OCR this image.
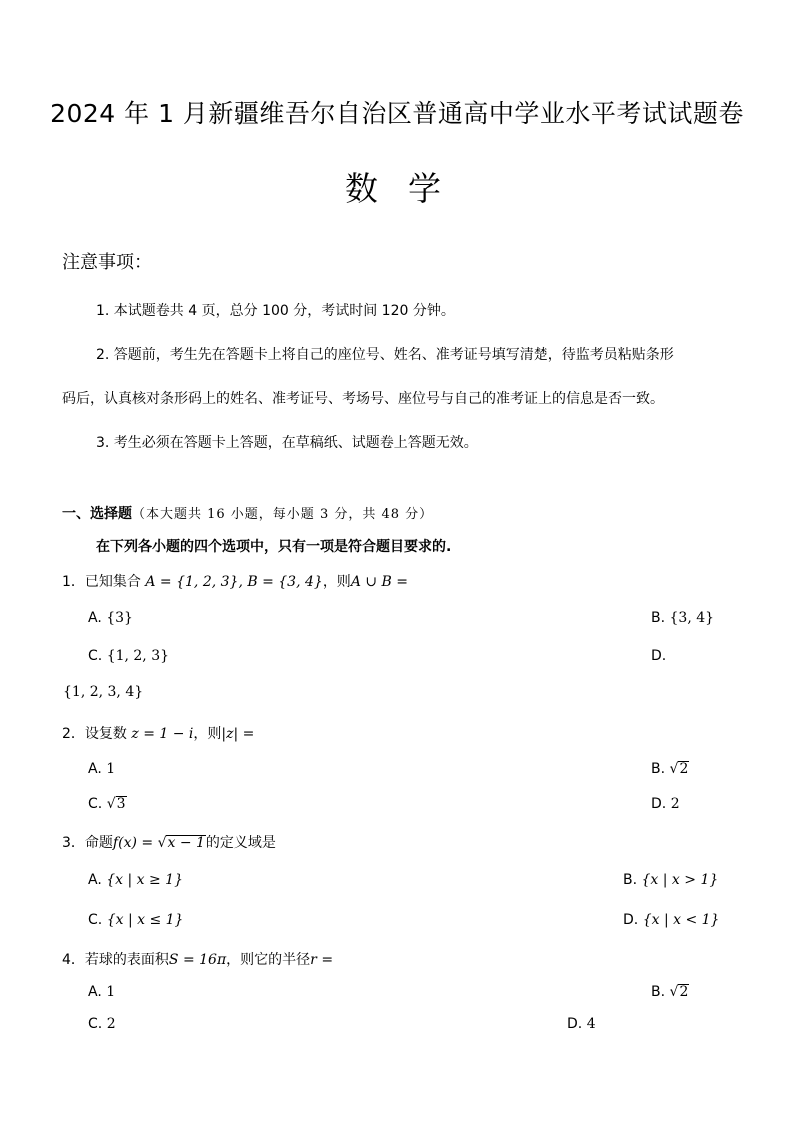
2024 年 1 月新疆维吾尔自治区普通高中学业水平考试试题卷
数学
注意事项：
1. 本试题卷共 4 页，总分 100 分，考试时间 120 分钟。
2. 答题前，考生先在答题卡上将自己的座位号、姓名、准考证号填写清楚，待监考员粘贴条形
码后，认真核对条形码上的姓名、准考证号、考场号、座位号与自己的准考证上的信息是否一致。
3. 考生必须在答题卡上答题，在草稿纸、试题卷上答题无效。
一、选择题（本大题共 16 小题，每小题 3 分，共 48 分）
在下列各小题的四个选项中，只有一项是符合题目要求的.
1．已知集合 A = {1, 2, 3}, B = {3, 4}，则A ∪ B =
A. {3}	B. {3, 4}
C. {1, 2, 3}	D.
{1, 2, 3, 4}
2．设复数 z = 1 − i，则|z| =
A. 1	B. √2
C. √3	D. 2
3．命题f(x) = √x − 1的定义域是
A. {x | x ≥ 1}	B. {x | x > 1}
C. {x | x ≤ 1}	D. {x | x < 1}
4．若球的表面积S = 16π，则它的半径r =
A. 1	B. √2
C. 2	D. 4
